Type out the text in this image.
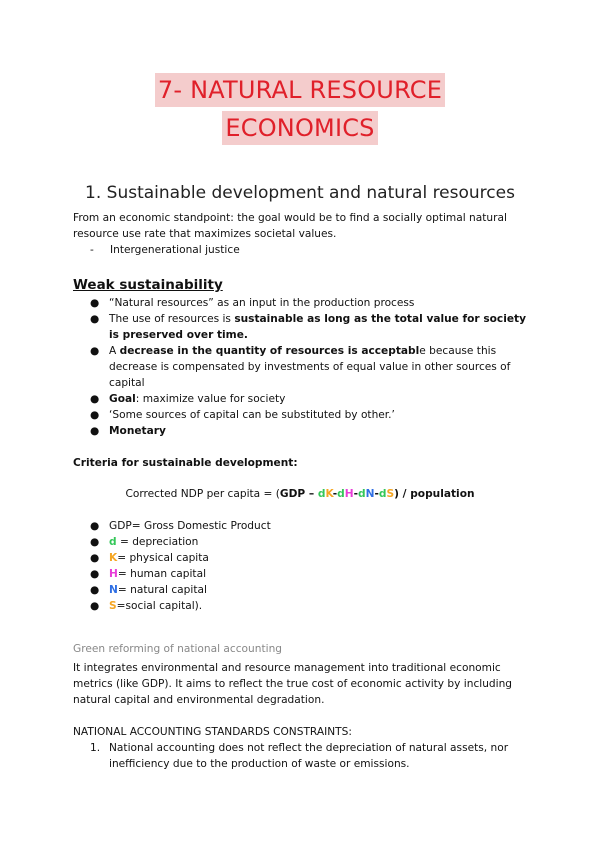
7- NATURAL RESOURCE
ECONOMICS
1. Sustainable development and natural resources
From an economic standpoint: the goal would be to find a socially optimal natural resource use rate that maximizes societal values.
- Intergenerational justice
Weak sustainability
● “Natural resources” as an input in the production process
● The use of resources is sustainable as long as the total value for society is preserved over time.
● A decrease in the quantity of resources is acceptable because this decrease is compensated by investments of equal value in other sources of capital
● Goal: maximize value for society
● ‘Some sources of capital can be substituted by other.’
● Monetary
Criteria for sustainable development:
Corrected NDP per capita = (GDP – dK-dH-dN-dS) / population
● GDP= Gross Domestic Product
● d = depreciation
● K= physical capita
● H= human capital
● N= natural capital
● S=social capital).
Green reforming of national accounting
It integrates environmental and resource management into traditional economic metrics (like GDP). It aims to reflect the true cost of economic activity by including natural capital and environmental degradation.
NATIONAL ACCOUNTING STANDARDS CONSTRAINTS:
1. National accounting does not reflect the depreciation of natural assets, nor inefficiency due to the production of waste or emissions.
